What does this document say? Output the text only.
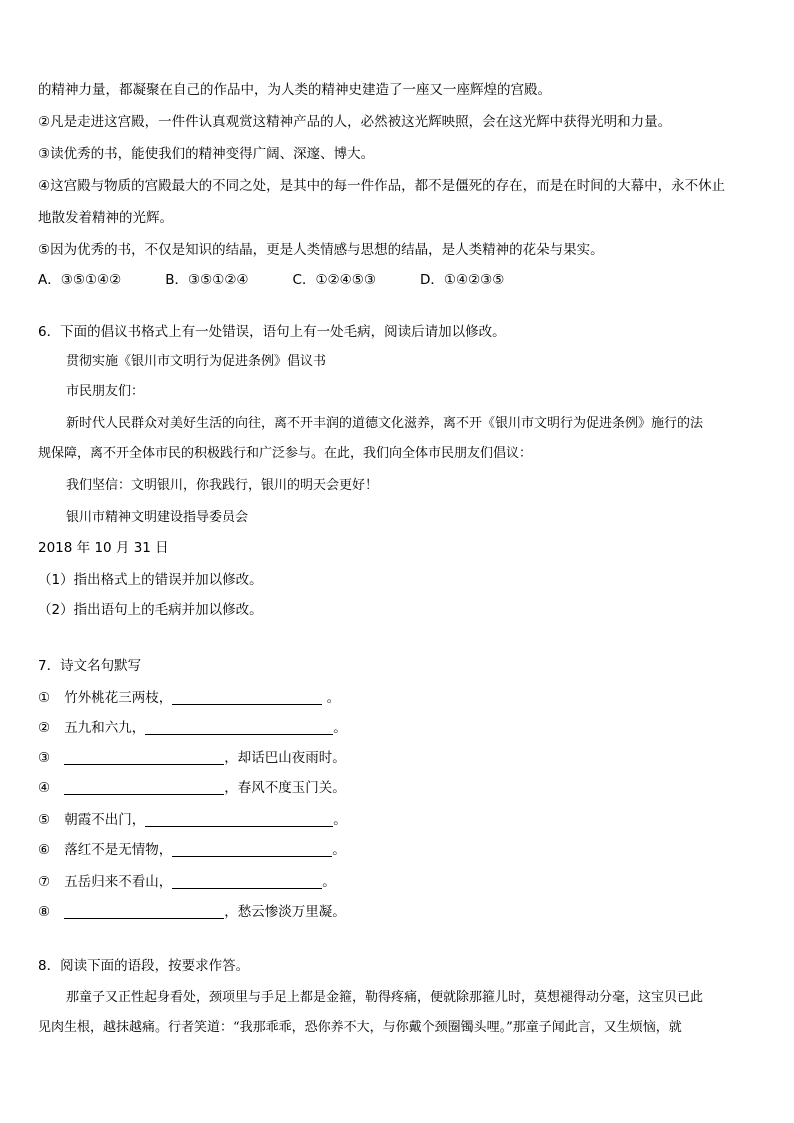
的精神力量，都凝聚在自己的作品中，为人类的精神史建造了一座又一座辉煌的宫殿。
②凡是走进这宫殿，一件件认真观赏这精神产品的人，必然被这光辉映照，会在这光辉中获得光明和力量。
③读优秀的书，能使我们的精神变得广阔、深邃、博大。
④这宫殿与物质的宫殿最大的不同之处，是其中的每一件作品，都不是僵死的存在，而是在时间的大幕中，永不休止
地散发着精神的光辉。
⑤因为优秀的书，不仅是知识的结晶，更是人类情感与思想的结晶，是人类精神的花朵与果实。
A．③⑤①④②	B．③⑤①②④	C．①②④⑤③	D．①④②③⑤
6．下面的倡议书格式上有一处错误，语句上有一处毛病，阅读后请加以修改。
贯彻实施《银川市文明行为促进条例》倡议书
市民朋友们：
新时代人民群众对美好生活的向往，离不开丰润的道德文化滋养，离不开《银川市文明行为促进条例》施行的法
规保障，离不开全体市民的积极践行和广泛参与。在此，我们向全体市民朋友们倡议：
我们坚信：文明银川，你我践行，银川的明天会更好！
银川市精神文明建设指导委员会
2018 年 10 月 31 日
（1）指出格式上的错误并加以修改。
（2）指出语句上的毛病并加以修改。
7．诗文名句默写
① 竹外桃花三两枝，	。
② 五九和六九，	。
③	，却话巴山夜雨时。
④	，春风不度玉门关。
⑤ 朝霞不出门，	。
⑥ 落红不是无情物，	。
⑦ 五岳归来不看山，	。
⑧	，愁云惨淡万里凝。
8．阅读下面的语段，按要求作答。
那童子又正性起身看处，颈项里与手足上都是金箍，勒得疼痛，便就除那箍儿时，莫想褪得动分毫，这宝贝已此
见肉生根，越抹越痛。行者笑道：“我那乖乖，恐你养不大，与你戴个颈圈镯头哩。”那童子闻此言，又生烦恼，就
